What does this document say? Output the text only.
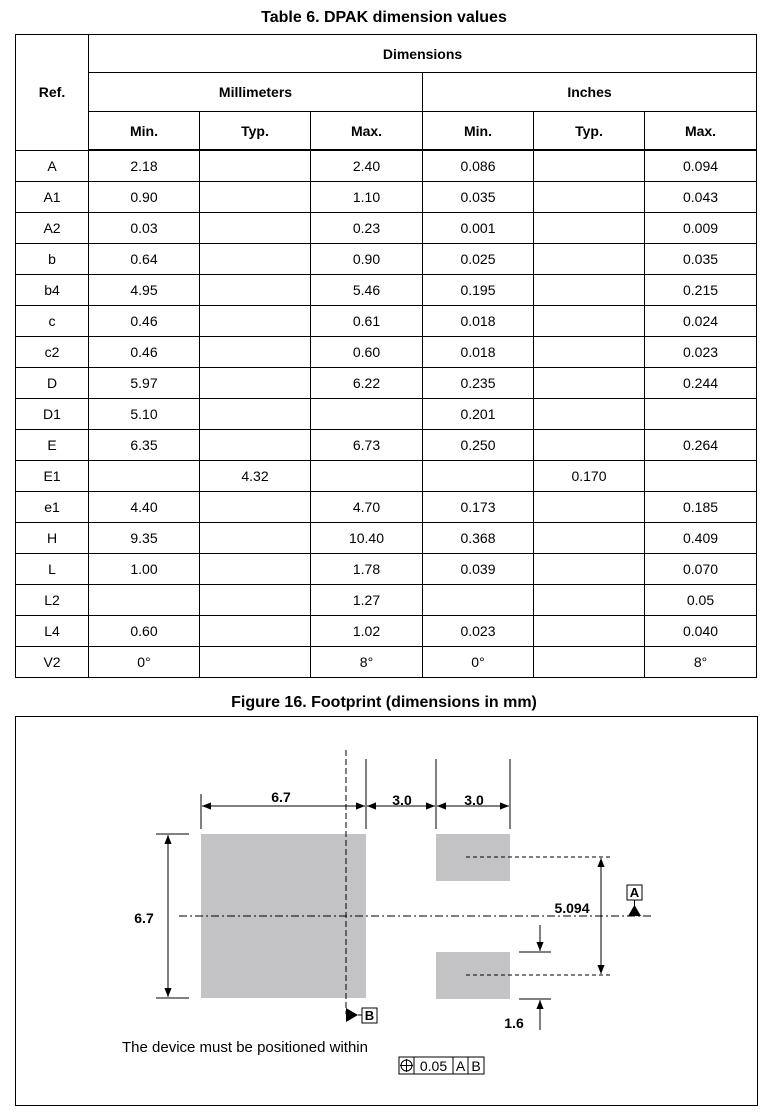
Table 6. DPAK dimension values
Ref.	Dimensions					
	Millimeters			Inches		
	Min.	Typ.	Max.	Min.	Typ.	Max.
A	2.18		2.40	0.086		0.094
A1	0.90		1.10	0.035		0.043
A2	0.03		0.23	0.001		0.009
b	0.64		0.90	0.025		0.035
b4	4.95		5.46	0.195		0.215
c	0.46		0.61	0.018		0.024
c2	0.46		0.60	0.018		0.023
D	5.97		6.22	0.235		0.244
D1	5.10			0.201		
E	6.35		6.73	0.250		0.264
E1		4.32			0.170	
e1	4.40		4.70	0.173		0.185
H	9.35		10.40	0.368		0.409
L	1.00		1.78	0.039		0.070
L2			1.27			0.05
L4	0.60		1.02	0.023		0.040
V2	0°		8°	0°		8°
Figure 16. Footprint (dimensions in mm)
6.7	3.0	3.0
6.7
5.094
A
1.6
B
The device must be positioned within
0.05 A B
